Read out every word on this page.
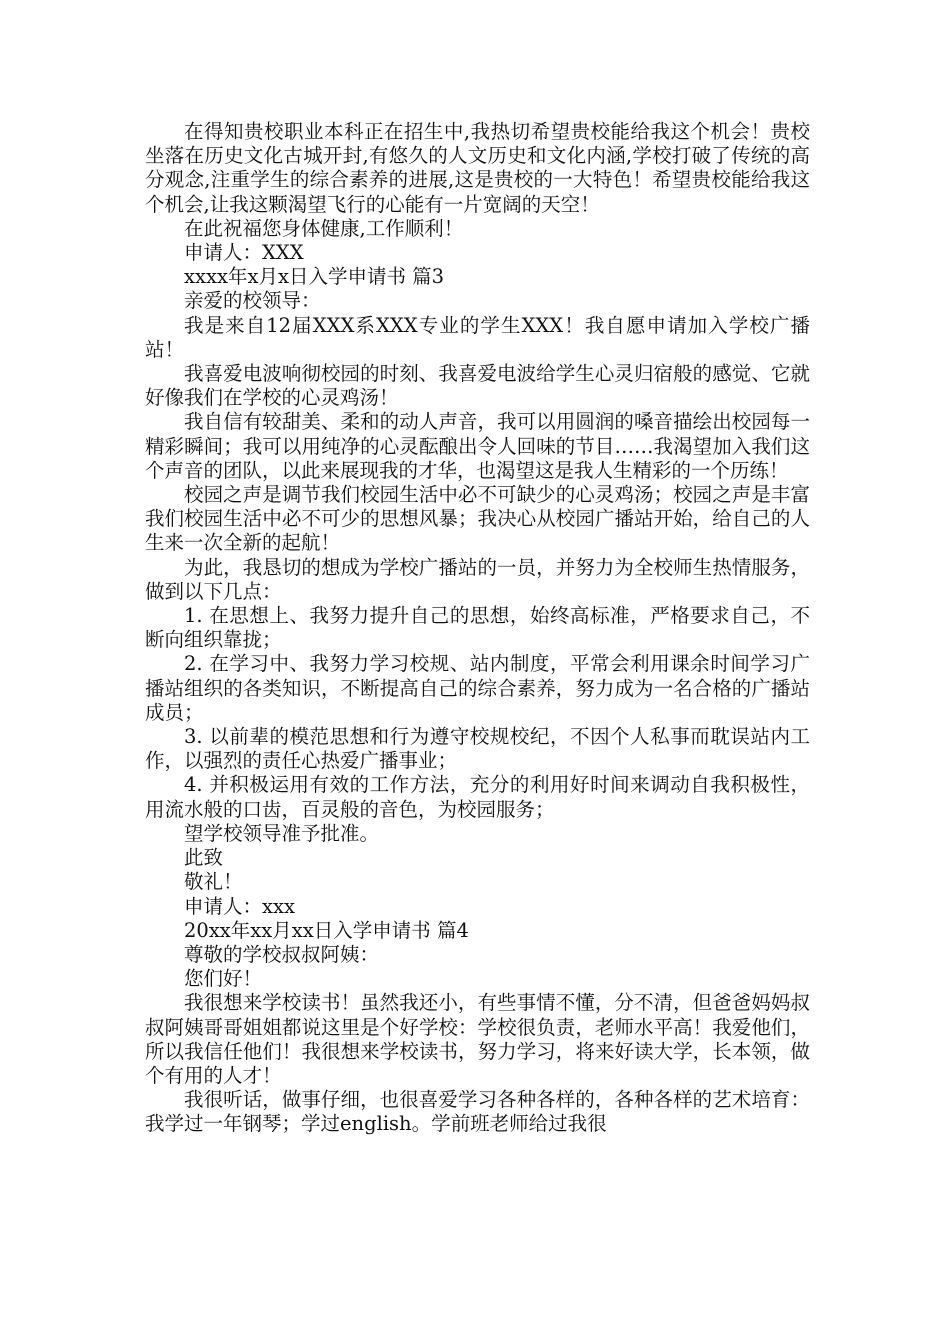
在得知贵校职业本科正在招生中,我热切希望贵校能给我这个机会！贵校坐落在历史文化古城开封,有悠久的人文历史和文化内涵,学校打破了传统的高分观念,注重学生的综合素养的进展,这是贵校的一大特色！希望贵校能给我这个机会,让我这颗渴望飞行的心能有一片宽阔的天空！

在此祝福您身体健康,工作顺利！

申请人：XXX

xxxx年x月x日入学申请书 篇3

亲爱的校领导：

我是来自12届XXX系XXX专业的学生XXX！我自愿申请加入学校广播站！

我喜爱电波响彻校园的时刻、我喜爱电波给学生心灵归宿般的感觉、它就好像我们在学校的心灵鸡汤！

我自信有较甜美、柔和的动人声音，我可以用圆润的嗓音描绘出校园每一精彩瞬间；我可以用纯净的心灵酝酿出令人回味的节目……我渴望加入我们这个声音的团队，以此来展现我的才华，也渴望这是我人生精彩的一个历练！

校园之声是调节我们校园生活中必不可缺少的心灵鸡汤；校园之声是丰富我们校园生活中必不可少的思想风暴；我决心从校园广播站开始，给自己的人生来一次全新的起航！

为此，我恳切的想成为学校广播站的一员，并努力为全校师生热情服务，做到以下几点：

1. 在思想上、我努力提升自己的思想，始终高标准，严格要求自己，不断向组织靠拢；

2. 在学习中、我努力学习校规、站内制度，平常会利用课余时间学习广播站组织的各类知识，不断提高自己的综合素养，努力成为一名合格的广播站成员；

3. 以前辈的模范思想和行为遵守校规校纪，不因个人私事而耽误站内工作，以强烈的责任心热爱广播事业；

4. 并积极运用有效的工作方法，充分的利用好时间来调动自我积极性，用流水般的口齿，百灵般的音色，为校园服务；

望学校领导准予批准。

此致

敬礼！

申请人：xxx

20xx年xx月xx日入学申请书 篇4

尊敬的学校叔叔阿姨：

您们好！

我很想来学校读书！虽然我还小，有些事情不懂，分不清，但爸爸妈妈叔叔阿姨哥哥姐姐都说这里是个好学校：学校很负责，老师水平高！我爱他们，所以我信任他们！我很想来学校读书，努力学习，将来好读大学，长本领，做个有用的人才！

我很听话，做事仔细，也很喜爱学习各种各样的，各种各样的艺术培育：我学过一年钢琴；学过english。学前班老师给过我很
